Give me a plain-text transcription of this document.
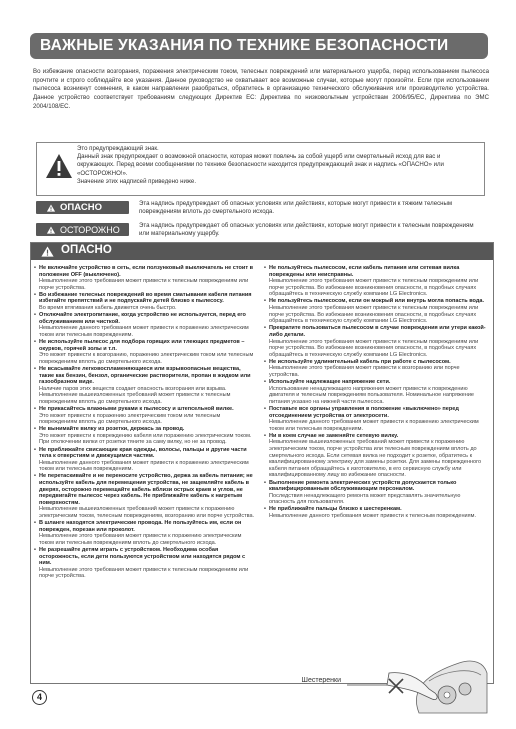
ВАЖНЫЕ УКАЗАНИЯ ПО ТЕХНИКЕ БЕЗОПАСНОСТИ
Во избежание опасности возгорания, поражения электрическим током, телесных повреждений или материального ущерба, перед использованием пылесоса прочтите и строго соблюдайте все указания. Данное руководство не охватывает все возможные случаи, которые могут произойти. Если при использовании пылесоса возникнут сомнения, в каком направлении разобраться, обратитесь в организацию технического обслуживания или производителю устройства. Данное устройство соответствует требованиям следующих Директив ЕС: Директива по низковольтным устройствам 2006/95/EC, Директива по ЭМС 2004/108/EC.
Это предупреждающий знак.
Данный знак предупреждает о возможной опасности, которая может повлечь за собой ущерб или смертельный исход для вас и окружающих. Перед всеми сообщениями по технике безопасности находится предупреждающий знак и надпись «ОПАСНО» или «ОСТОРОЖНО!».
Значение этих надписей приведено ниже.
ОПАСНО	Эта надпись предупреждает об опасных условиях или действиях, которые могут привести к тяжким телесным повреждениям вплоть до смертельного исхода.
ОСТОРОЖНО	Эта надпись предупреждает об опасных условиях или действиях, которые могут привести к телесным повреждениям или материальному ущербу.
ОПАСНО
• Не включайте устройство в сеть, если ползунковый выключатель не стоит в положение OFF (выключено).
Невыполнение этого требования может привести к телесным повреждениям или порче устройства.
• Во избежание телесных повреждений во время сматывания кабеля питания избегайте препятствий и не подпускайте детей близко к пылесосу.
Во время втягивания кабель движется очень быстро.
• Отключайте электропитание, когда устройство не используется, перед его обслуживанием или чисткой.
Невыполнение данного требования может привести к поражению электрическим током или телесным повреждениям.
• Не используйте пылесос для подбора горящих или тлеющих предметов – окурков, горячей золы и т.п.
Это может привести к возгоранию, поражению электрическим током или телесным повреждениям вплоть до смертельного исхода.
• Не всасывайте легковоспламеняющиеся или взрывоопасные вещества, такие как бензин, бензол, органические растворители, пропан в жидком или газообразном виде.
Наличие паров этих веществ создает опасность возгорания или взрыва. Невыполнение вышеизложенных требований может привести к телесным повреждениям вплоть до смертельного исхода.
• Не прикасайтесь влажными руками к пылесосу и штепсельной вилке.
Это может привести к поражению электрическим током или телесным повреждениям вплоть до смертельного исхода.
• Не вынимайте вилку из розетки, держась за провод.
Это может привести к повреждению кабеля или поражению электрическим током. При отключении вилки от розетки тяните за саму вилку, но не за провод.
• Не приближайте свисающие края одежды, волосы, пальцы и другие части тела к отверстиям и движущимся частям.
Невыполнение данного требования может привести к поражению электрическим током или телесным повреждениям.
• Не перетаскивайте и не переносите устройство, держа за кабель питания; не используйте кабель для перемещения устройства, не защемляйте кабель в дверях, осторожно перемещайте кабель вблизи острых краев и углов, не передвигайте пылесос через кабель. Не приближайте кабель к нагретым поверхностям.
Невыполнение вышеизложенных требований может привести к поражению электрическим током, телесным повреждениям, возгоранию или порче устройства.
• В шланге находятся электрические провода. Не пользуйтесь им, если он поврежден, порезан или проколот.
Невыполнение этого требования может привести к поражению электрическим током или телесным повреждениям вплоть до смертельного исхода.
• Не разрешайте детям играть с устройством. Необходима особая осторожность, если дети пользуются устройством или находятся рядом с ним.
Невыполнение этого требования может привести к телесным повреждениям или порче устройства.
• Не пользуйтесь пылесосом, если кабель питания или сетевая вилка повреждены или неисправны.
Невыполнение этого требования может привести к телесным повреждениям или порче устройства. Во избежание возникновения опасности, в подобных случаях обращайтесь в техническую службу компании LG Electronics.
• Не пользуйтесь пылесосом, если он мокрый или внутрь могла попасть вода.
Невыполнение этого требования может привести к телесным повреждениям или порче устройства. Во избежание возникновения опасности, в подобных случаях обращайтесь в техническую службу компании LG Electronics.
• Прекратите пользоваться пылесосом в случае повреждения или утери какой-либо детали.
Невыполнение этого требования может привести к телесным повреждениям или порче устройства. Во избежание возникновения опасности, в подобных случаях обращайтесь в техническую службу компании LG Electronics.
• Не используйте удлинительный кабель при работе с пылесосом.
Невыполнение этого требования может привести к возгоранию или порче устройства.
• Используйте надлежащее напряжение сети.
Использование ненадлежащего напряжения может привести к повреждению двигателя и телесным повреждениям пользователя. Номинальное напряжение питания указано на нижней части пылесоса.
• Поставьте все органы управления в положение «выключено» перед отсоединением устройства от электросети.
Невыполнение данного требования может привести к поражению электрическим током или телесным повреждениям.
• Ни в коем случае не заменяйте сетевую вилку.
Невыполнение вышеизложенных требований может привести к поражению электрическим током, порче устройства или телесным повреждениям вплоть до смертельного исхода. Если сетевая вилка не подходит к розетке, обратитесь к квалифицированному электрику для замены розетки. Для замены поврежденного кабеля питания обращайтесь к изготовителю, в его сервисную службу или квалифицированному лицу во избежание опасности.
• Выполнение ремонта электрических устройств допускается только квалифицированным обслуживающим персоналом.
Последствия ненадлежащего ремонта может представлять значительную опасность для пользователя.
• Не приближайте пальцы близко к шестеренкам.
Невыполнение данного требования может привести к телесным повреждениям.
Шестеренки
4
